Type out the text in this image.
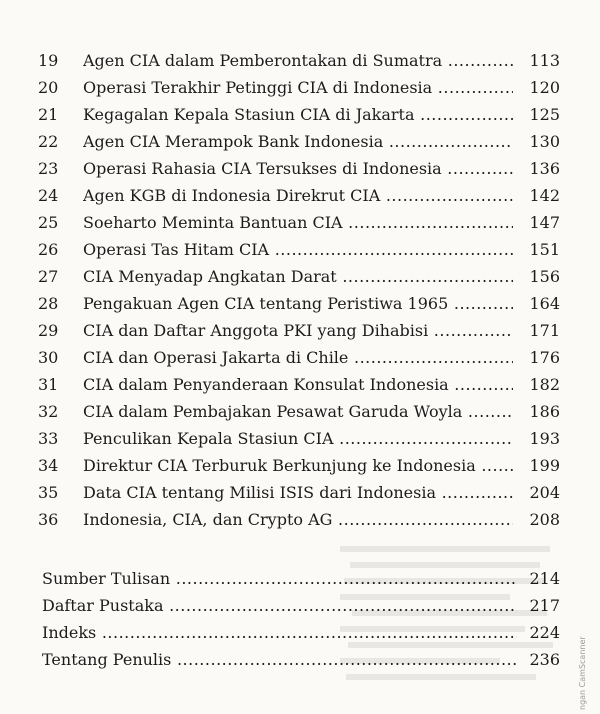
19	Agen CIA dalam Pemberontakan di Sumatra .....	113
20	Operasi Terakhir Petinggi CIA di Indonesia .....	120
21	Kegagalan Kepala Stasiun CIA di Jakarta .....	125
22	Agen CIA Merampok Bank Indonesia .....	130
23	Operasi Rahasia CIA Tersukses di Indonesia .....	136
24	Agen KGB di Indonesia Direkrut CIA .....	142
25	Soeharto Meminta Bantuan CIA .....	147
26	Operasi Tas Hitam CIA .....	151
27	CIA Menyadap Angkatan Darat .....	156
28	Pengakuan Agen CIA tentang Peristiwa 1965 .....	164
29	CIA dan Daftar Anggota PKI yang Dihabisi .....	171
30	CIA dan Operasi Jakarta di Chile .....	176
31	CIA dalam Penyanderaan Konsulat Indonesia .....	182
32	CIA dalam Pembajakan Pesawat Garuda Woyla .....	186
33	Penculikan Kepala Stasiun CIA .....	193
34	Direktur CIA Terburuk Berkunjung ke Indonesia .....	199
35	Data CIA tentang Milisi ISIS dari Indonesia .....	204
36	Indonesia, CIA, dan Crypto AG .....	208
Sumber Tulisan .....	214
Daftar Pustaka .....	217
Indeks .....	224
Tentang Penulis .....	236 ngan CamScanner
